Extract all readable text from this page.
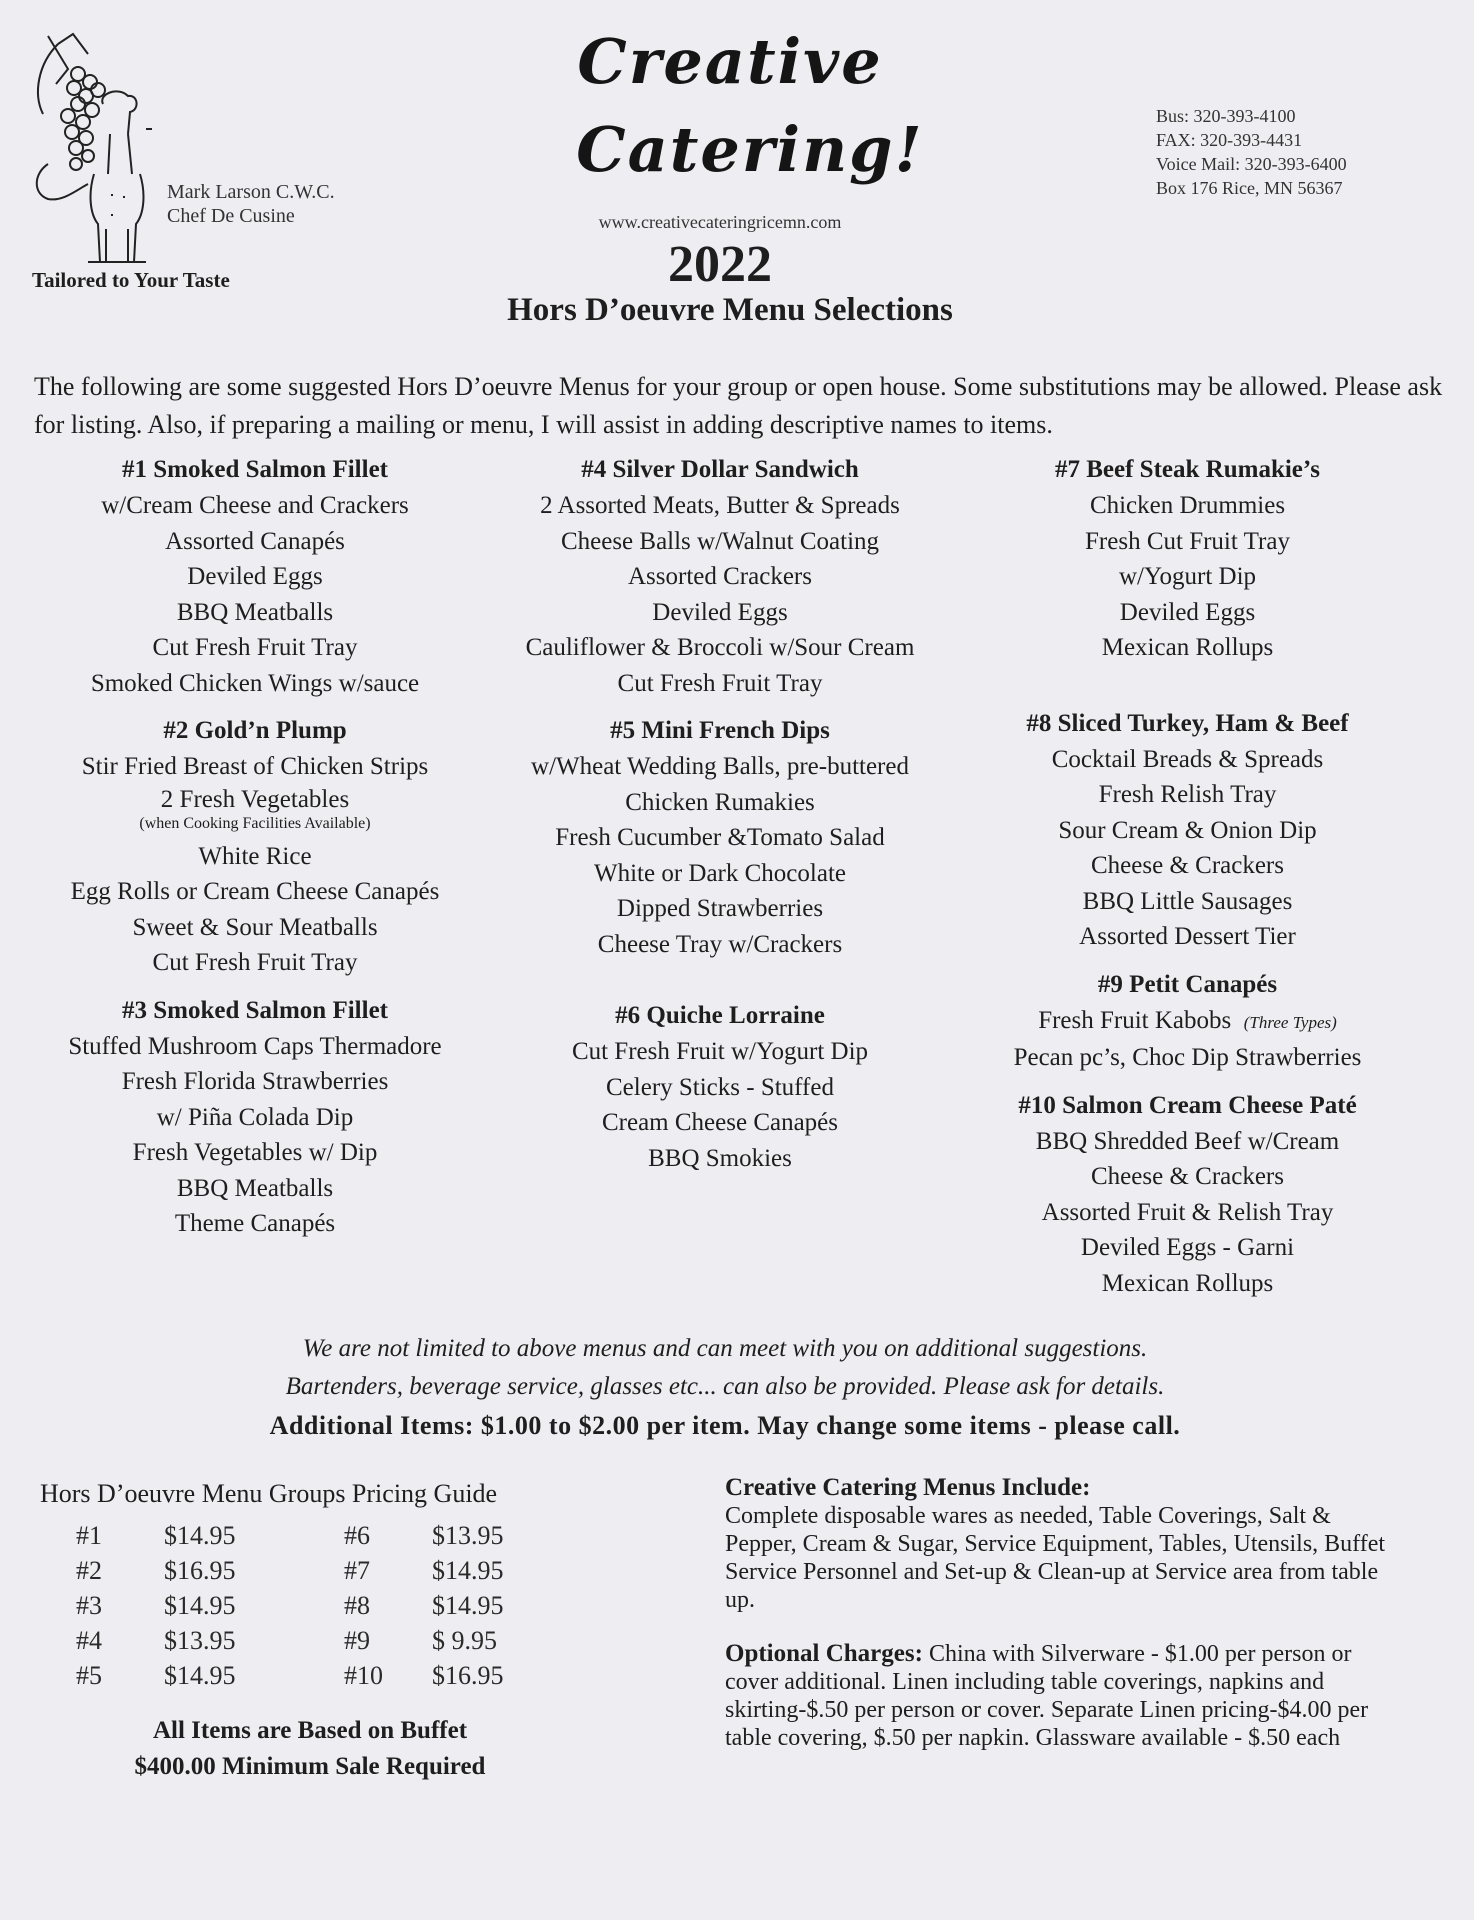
Mark Larson C.W.C.
Chef De Cusine
Tailored to Your Taste
Creative
Catering!
www.creativecateringricemn.com
2022
Hors D’oeuvre Menu Selections
Bus: 320-393-4100
FAX: 320-393-4431
Voice Mail: 320-393-6400
Box 176 Rice, MN 56367
The following are some suggested Hors D’oeuvre Menus for your group or open house. Some substitutions may be allowed. Please ask for listing. Also, if preparing a mailing or menu, I will assist in adding descriptive names to items.
#1 Smoked Salmon Fillet
w/Cream Cheese and Crackers
Assorted Canapés
Deviled Eggs
BBQ Meatballs
Cut Fresh Fruit Tray
Smoked Chicken Wings w/sauce
#2 Gold’n Plump
Stir Fried Breast of Chicken Strips
2 Fresh Vegetables
(when Cooking Facilities Available)
White Rice
Egg Rolls or Cream Cheese Canapés
Sweet & Sour Meatballs
Cut Fresh Fruit Tray
#3 Smoked Salmon Fillet
Stuffed Mushroom Caps Thermadore
Fresh Florida Strawberries
w/ Piña Colada Dip
Fresh Vegetables w/ Dip
BBQ Meatballs
Theme Canapés
#4 Silver Dollar Sandwich
2 Assorted Meats, Butter & Spreads
Cheese Balls w/Walnut Coating
Assorted Crackers
Deviled Eggs
Cauliflower & Broccoli w/Sour Cream
Cut Fresh Fruit Tray
#5 Mini French Dips
w/Wheat Wedding Balls, pre-buttered
Chicken Rumakies
Fresh Cucumber &Tomato Salad
White or Dark Chocolate
Dipped Strawberries
Cheese Tray w/Crackers
#6 Quiche Lorraine
Cut Fresh Fruit w/Yogurt Dip
Celery Sticks - Stuffed
Cream Cheese Canapés
BBQ Smokies
#7 Beef Steak Rumakie’s
Chicken Drummies
Fresh Cut Fruit Tray
w/Yogurt Dip
Deviled Eggs
Mexican Rollups
#8 Sliced Turkey, Ham & Beef
Cocktail Breads & Spreads
Fresh Relish Tray
Sour Cream & Onion Dip
Cheese & Crackers
BBQ Little Sausages
Assorted Dessert Tier
#9 Petit Canapés
Fresh Fruit Kabobs (Three Types)
Pecan pc’s, Choc Dip Strawberries
#10 Salmon Cream Cheese Paté
BBQ Shredded Beef w/Cream
Cheese & Crackers
Assorted Fruit & Relish Tray
Deviled Eggs - Garni
Mexican Rollups
We are not limited to above menus and can meet with you on additional suggestions.
Bartenders, beverage service, glasses etc... can also be provided. Please ask for details.
Additional Items: $1.00 to $2.00 per item. May change some items - please call.
Hors D’oeuvre Menu Groups Pricing Guide
#1	$14.95	#6	$13.95
#2	$16.95	#7	$14.95
#3	$14.95	#8	$14.95
#4	$13.95	#9	$ 9.95
#5	$14.95	#10	$16.95
All Items are Based on Buffet
$400.00 Minimum Sale Required
Creative Catering Menus Include:
Complete disposable wares as needed, Table Coverings, Salt & Pepper, Cream & Sugar, Service Equipment, Tables, Utensils, Buffet Service Personnel and Set-up & Clean-up at Service area from table up.
Optional Charges: China with Silverware - $1.00 per person or cover additional. Linen including table coverings, napkins and skirting-$.50 per person or cover. Separate Linen pricing-$4.00 per table covering, $.50 per napkin. Glassware available - $.50 each
